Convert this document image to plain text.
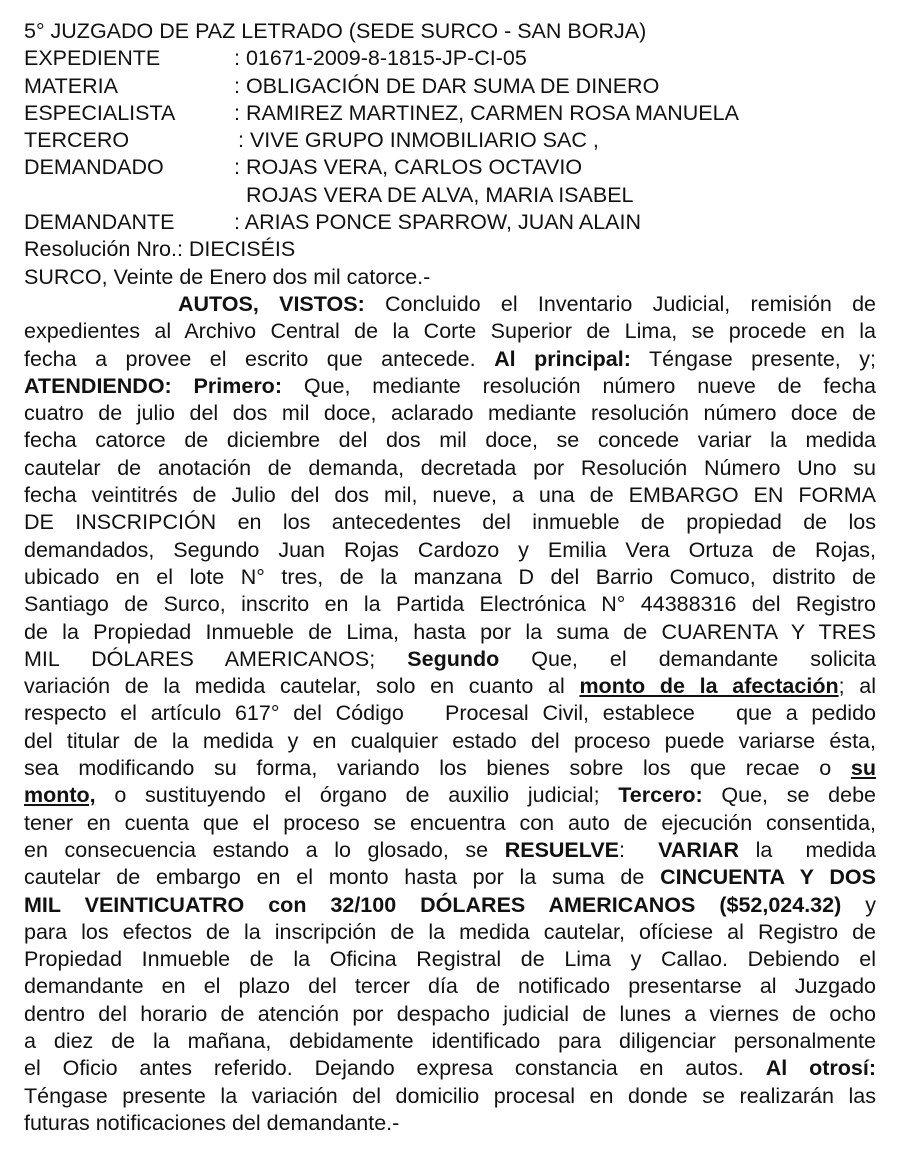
5° JUZGADO DE PAZ LETRADO (SEDE SURCO - SAN BORJA)
EXPEDIENTE	: 01671-2009-8-1815-JP-CI-05
MATERIA	: OBLIGACIÓN DE DAR SUMA DE DINERO
ESPECIALISTA	: RAMIREZ MARTINEZ, CARMEN ROSA MANUELA
TERCERO	: VIVE GRUPO INMOBILIARIO SAC ,
DEMANDADO	: ROJAS VERA, CARLOS OCTAVIO
ROJAS VERA DE ALVA, MARIA ISABEL
DEMANDANTE	: ARIAS PONCE SPARROW, JUAN ALAIN
Resolución Nro.: DIECISÉIS
SURCO, Veinte de Enero dos mil catorce.-
AUTOS, VISTOS: Concluido el Inventario Judicial, remisión de
expedientes al Archivo Central de la Corte Superior de Lima, se procede en la
fecha a provee el escrito que antecede. Al principal: Téngase presente, y;
ATENDIENDO: Primero: Que, mediante resolución número nueve de fecha
cuatro de julio del dos mil doce, aclarado mediante resolución número doce de
fecha catorce de diciembre del dos mil doce, se concede variar la medida
cautelar de anotación de demanda, decretada por Resolución Número Uno su
fecha veintitrés de Julio del dos mil, nueve, a una de EMBARGO EN FORMA
DE INSCRIPCIÓN en los antecedentes del inmueble de propiedad de los
demandados, Segundo Juan Rojas Cardozo y Emilia Vera Ortuza de Rojas,
ubicado en el lote N° tres, de la manzana D del Barrio Comuco, distrito de
Santiago de Surco, inscrito en la Partida Electrónica N° 44388316 del Registro
de la Propiedad Inmueble de Lima, hasta por la suma de CUARENTA Y TRES
MIL DÓLARES AMERICANOS; Segundo Que, el demandante solicita
variación de la medida cautelar, solo en cuanto al monto de la afectación; al
respecto el artículo 617° del Código   Procesal Civil, establece   que a pedido
del titular de la medida y en cualquier estado del proceso puede variarse ésta,
sea modificando su forma, variando los bienes sobre los que recae o su
monto, o sustituyendo el órgano de auxilio judicial; Tercero: Que, se debe
tener en cuenta que el proceso se encuentra con auto de ejecución consentida,
en consecuencia estando a lo glosado, se RESUELVE:  VARIAR la  medida
cautelar de embargo en el monto hasta por la suma de CINCUENTA Y DOS
MIL VEINTICUATRO con 32/100 DÓLARES AMERICANOS ($52,024.32) y
para los efectos de la inscripción de la medida cautelar, ofíciese al Registro de
Propiedad Inmueble de la Oficina Registral de Lima y Callao. Debiendo el
demandante en el plazo del tercer día de notificado presentarse al Juzgado
dentro del horario de atención por despacho judicial de lunes a viernes de ocho
a diez de la mañana, debidamente identificado para diligenciar personalmente
el Oficio antes referido. Dejando expresa constancia en autos. Al otrosí:
Téngase presente la variación del domicilio procesal en donde se realizarán las
futuras notificaciones del demandante.-
